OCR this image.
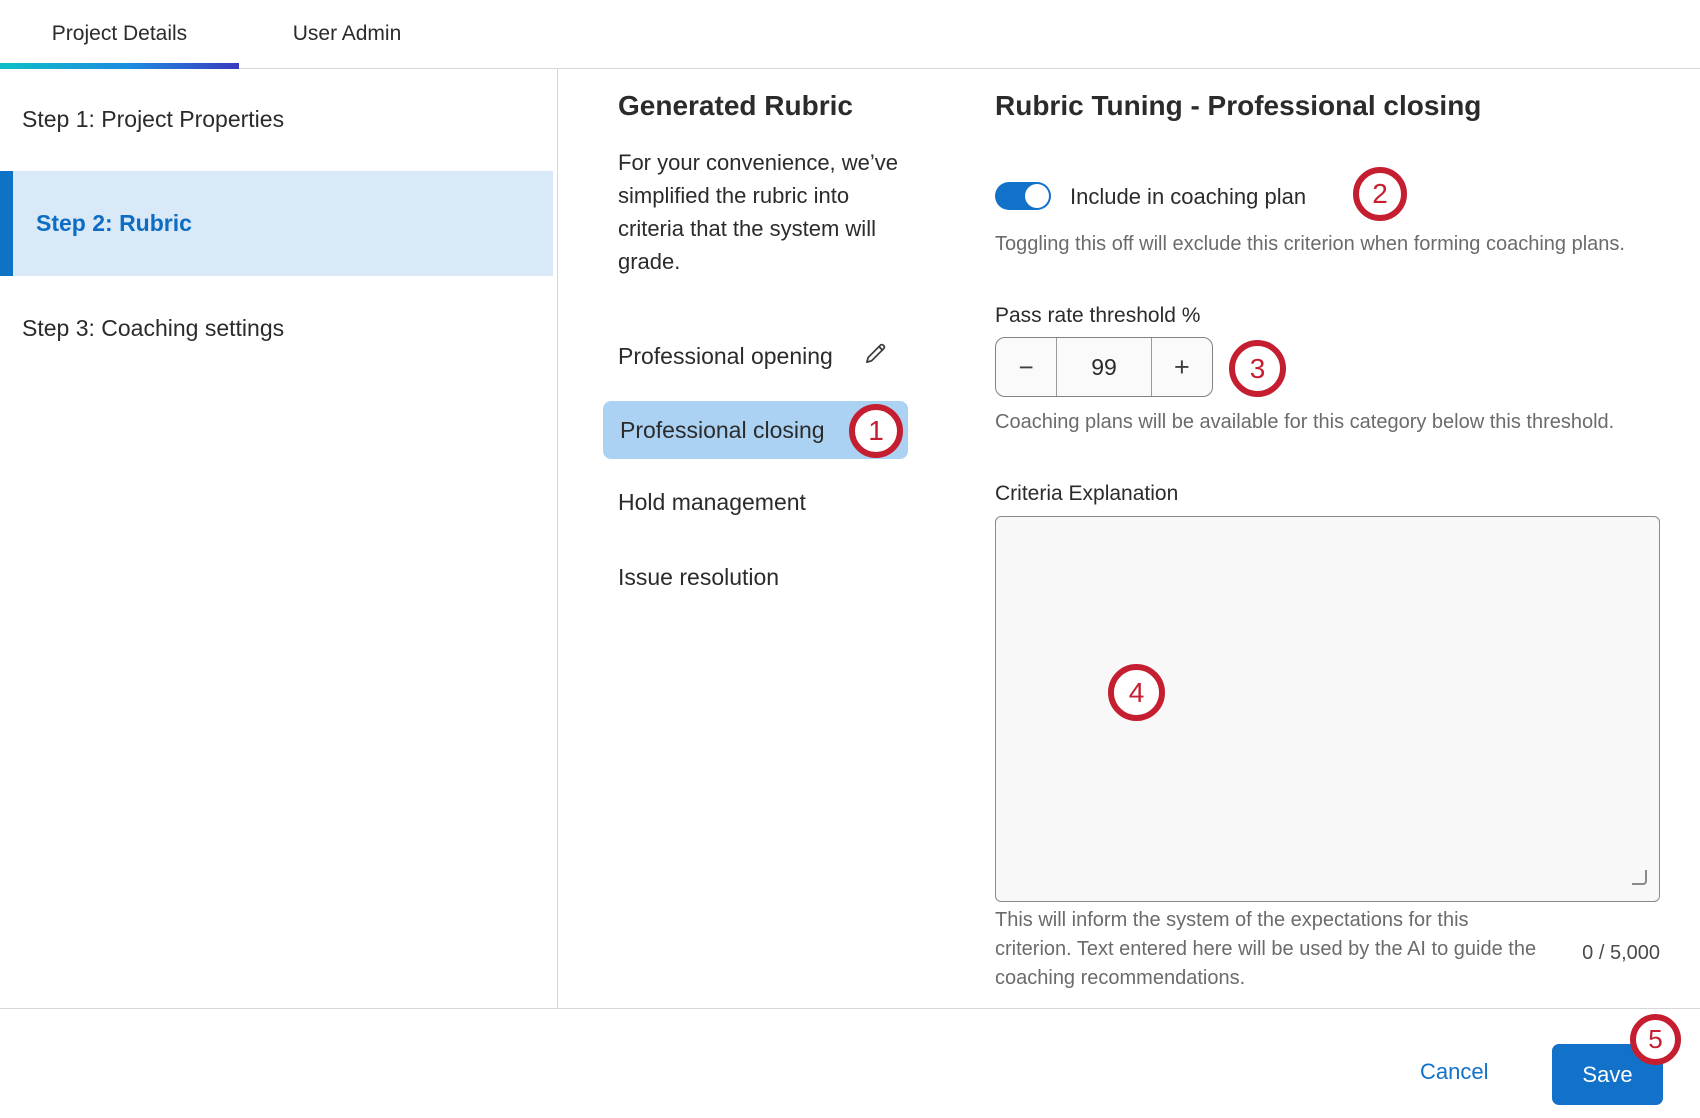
Project Details	User Admin
Step 1: Project Properties
Step 2: Rubric
Step 3: Coaching settings
Generated Rubric
For your convenience, we’ve simplified the rubric into criteria that the system will grade.
Professional opening
Professional closing
Hold management
Issue resolution
Rubric Tuning - Professional closing
Include in coaching plan
Toggling this off will exclude this criterion when forming coaching plans.
Pass rate threshold %
−	99	+
Coaching plans will be available for this category below this threshold.
Criteria Explanation
This will inform the system of the expectations for this criterion. Text entered here will be used by the AI to guide the coaching recommendations.
0 / 5,000
Cancel	Save
1
2
3
4
5
